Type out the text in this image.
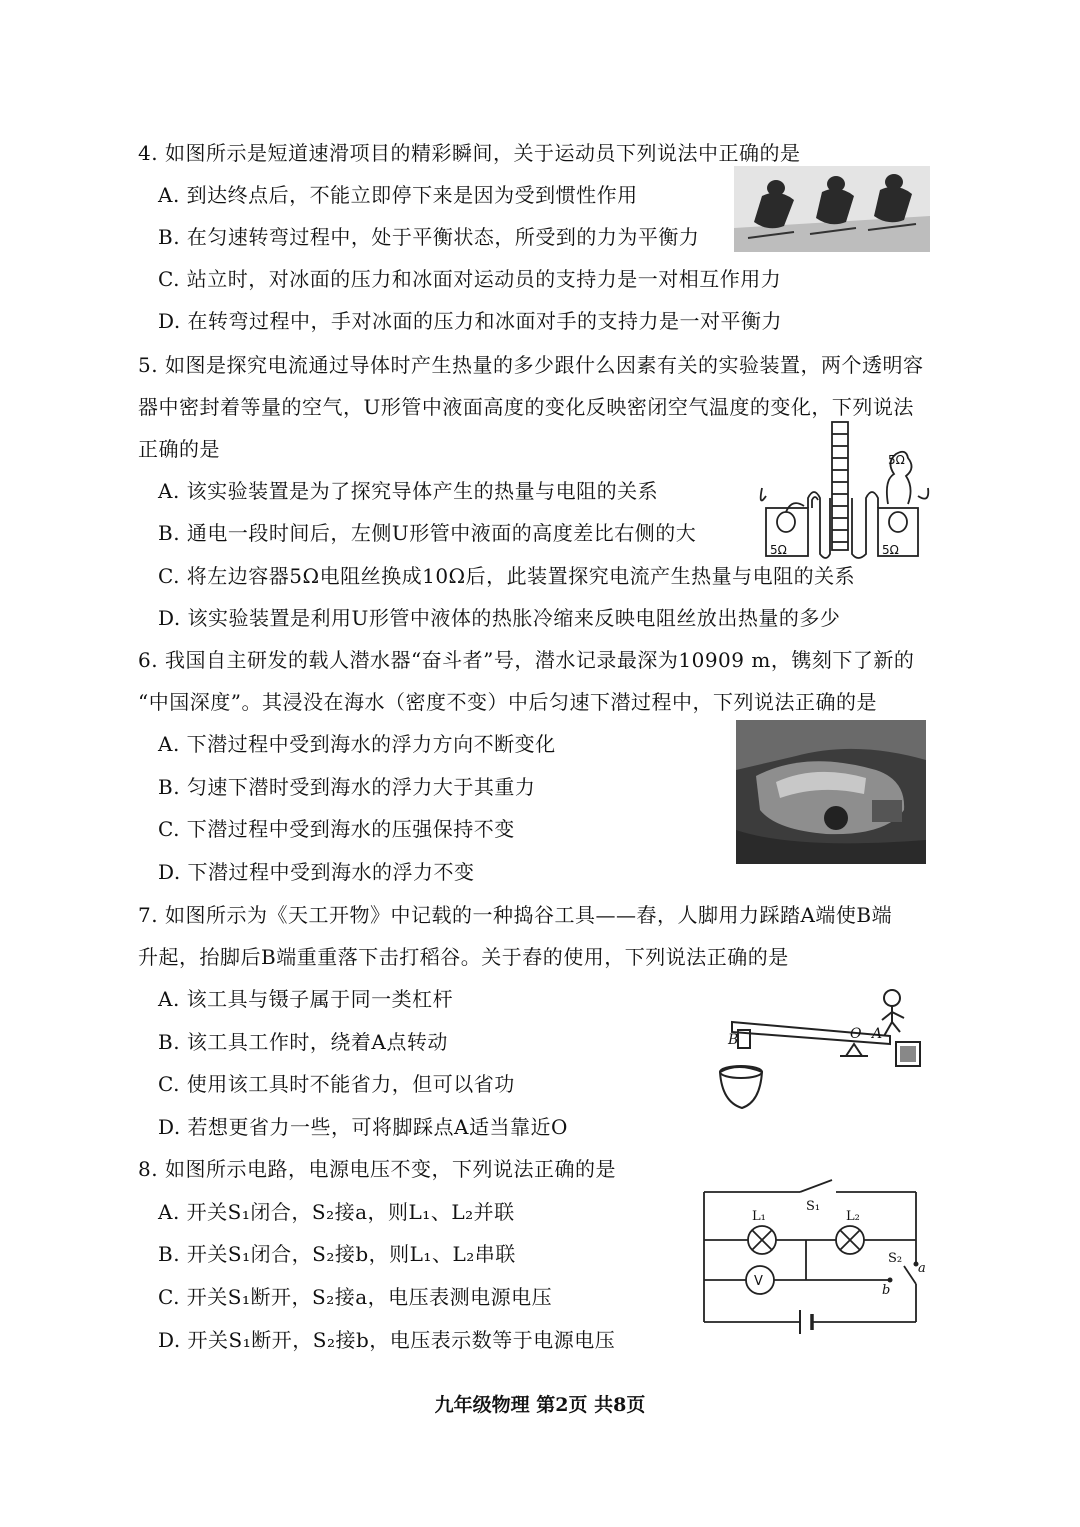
4. 如图所示是短道速滑项目的精彩瞬间，关于运动员下列说法中正确的是
A. 到达终点后，不能立即停下来是因为受到惯性作用
B. 在匀速转弯过程中，处于平衡状态，所受到的力为平衡力
C. 站立时，对冰面的压力和冰面对运动员的支持力是一对相互作用力
D. 在转弯过程中，手对冰面的压力和冰面对手的支持力是一对平衡力
5. 如图是探究电流通过导体时产生热量的多少跟什么因素有关的实验装置，两个透明容
器中密封着等量的空气，U形管中液面高度的变化反映密闭空气温度的变化，下列说法
正确的是
A. 该实验装置是为了探究导体产生的热量与电阻的关系
B. 通电一段时间后，左侧U形管中液面的高度差比右侧的大
C. 将左边容器5Ω电阻丝换成10Ω后，此装置探究电流产生热量与电阻的关系
D. 该实验装置是利用U形管中液体的热胀冷缩来反映电阻丝放出热量的多少
5Ω	5Ω
5Ω
6. 我国自主研发的载人潜水器“奋斗者”号，潜水记录最深为10909 m，镌刻下了新的
“中国深度”。其浸没在海水（密度不变）中后匀速下潜过程中，下列说法正确的是
A. 下潜过程中受到海水的浮力方向不断变化
B. 匀速下潜时受到海水的浮力大于其重力
C. 下潜过程中受到海水的压强保持不变
D. 下潜过程中受到海水的浮力不变
7. 如图所示为《天工开物》中记载的一种捣谷工具——舂，人脚用力踩踏A端使B端
升起，抬脚后B端重重落下击打稻谷。关于舂的使用，下列说法正确的是
A. 该工具与镊子属于同一类杠杆
B. 该工具工作时，绕着A点转动
C. 使用该工具时不能省力，但可以省功
D. 若想更省力一些，可将脚踩点A适当靠近O
B	O A
8. 如图所示电路，电源电压不变，下列说法正确的是
A. 开关S₁闭合，S₂接a，则L₁、L₂并联
B. 开关S₁闭合，S₂接b，则L₁、L₂串联
C. 开关S₁断开，S₂接a，电压表测电源电压
D. 开关S₁断开，S₂接b，电压表示数等于电源电压
S₁
L₁	L₂
S₂
a
b
V
九年级物理 第2页 共8页
